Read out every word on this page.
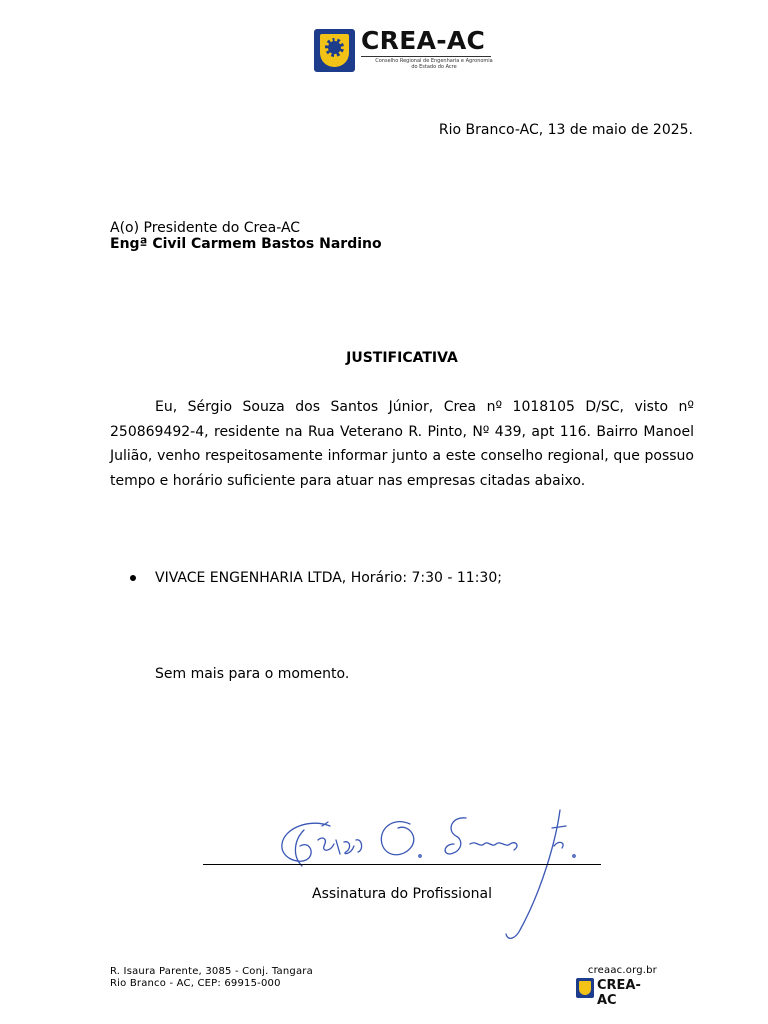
CREA-AC
Conselho Regional de Engenharia e Agronomia do Estado do Acre
Rio Branco-AC, 13 de maio de 2025.
A(o) Presidente do Crea-AC
Engª Civil Carmem Bastos Nardino
JUSTIFICATIVA

Eu, Sérgio Souza dos Santos Júnior, Crea nº 1018105 D/SC, visto nº 250869492-4, residente na Rua Veterano R. Pinto, Nº 439, apt 116. Bairro Manoel Julião, venho respeitosamente informar junto a este conselho regional, que possuo tempo e horário suficiente para atuar nas empresas citadas abaixo.

VIVACE ENGENHARIA LTDA, Horário: 7:30 - 11:30;
Sem mais para o momento.
Assinatura do Profissional
R. Isaura Parente, 3085 - Conj. Tangara
Rio Branco - AC, CEP: 69915-000
creaac.org.br
CREA-AC
